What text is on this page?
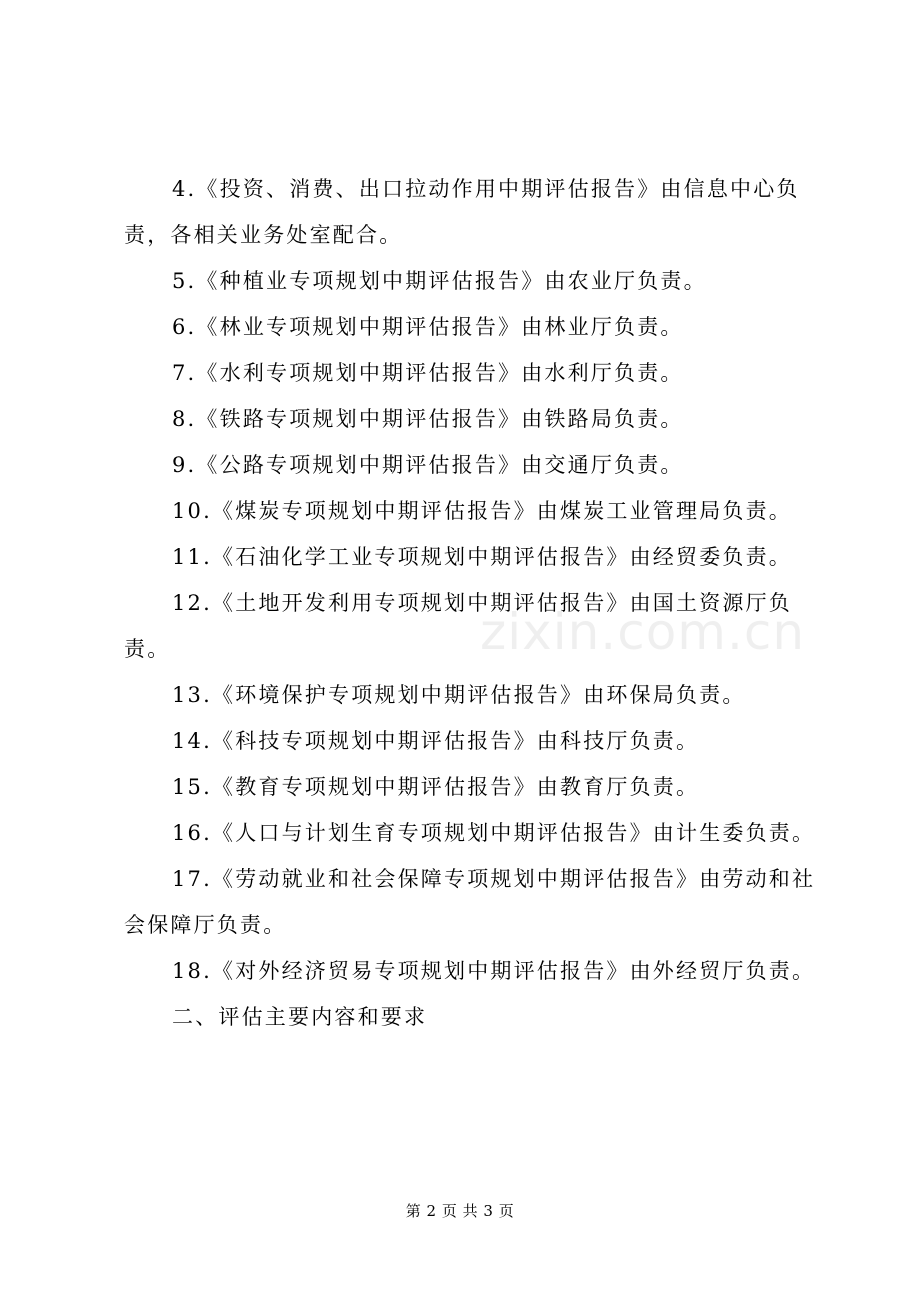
4.《投资、消费、出口拉动作用中期评估报告》由信息中心负责，各相关业务处室配合。

5.《种植业专项规划中期评估报告》由农业厅负责。

6.《林业专项规划中期评估报告》由林业厅负责。

7.《水利专项规划中期评估报告》由水利厅负责。

8.《铁路专项规划中期评估报告》由铁路局负责。

9.《公路专项规划中期评估报告》由交通厅负责。

10.《煤炭专项规划中期评估报告》由煤炭工业管理局负责。

11.《石油化学工业专项规划中期评估报告》由经贸委负责。

12.《土地开发利用专项规划中期评估报告》由国土资源厅负责。

13.《环境保护专项规划中期评估报告》由环保局负责。

14.《科技专项规划中期评估报告》由科技厅负责。

15.《教育专项规划中期评估报告》由教育厅负责。

16.《人口与计划生育专项规划中期评估报告》由计生委负责。

17.《劳动就业和社会保障专项规划中期评估报告》由劳动和社会保障厅负责。

18.《对外经济贸易专项规划中期评估报告》由外经贸厅负责。

二、评估主要内容和要求

zixin.com.cn
第 2 页 共 3 页
